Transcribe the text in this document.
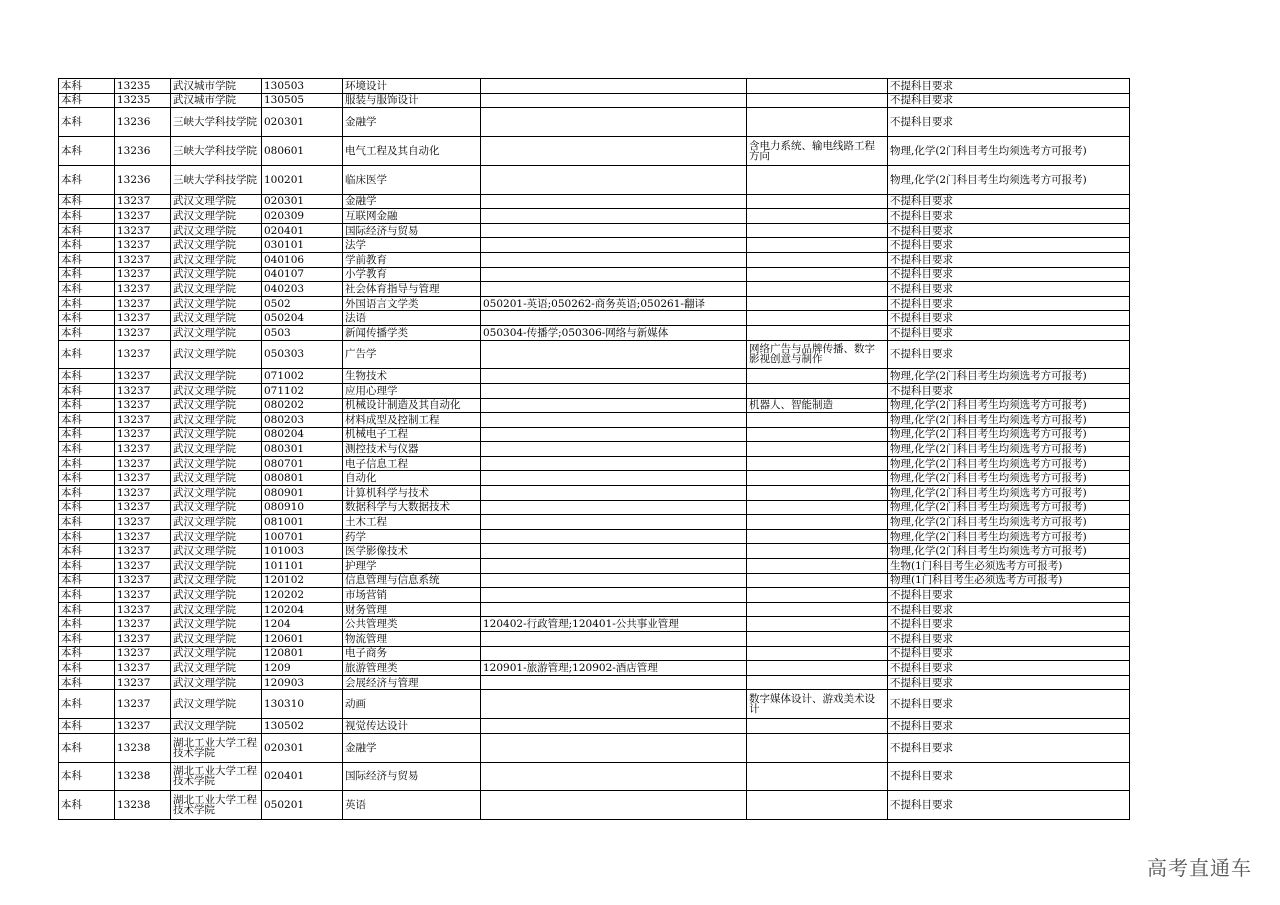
本科	13235	武汉城市学院	130503	环境设计			不提科目要求
本科	13235	武汉城市学院	130505	服装与服饰设计			不提科目要求
本科	13236	三峡大学科技学院	020301	金融学			不提科目要求
本科	13236	三峡大学科技学院	080601	电气工程及其自动化		含电力系统、输电线路工程方向	物理,化学(2门科目考生均须选考方可报考)
本科	13236	三峡大学科技学院	100201	临床医学			物理,化学(2门科目考生均须选考方可报考)
本科	13237	武汉文理学院	020301	金融学			不提科目要求
本科	13237	武汉文理学院	020309	互联网金融			不提科目要求
本科	13237	武汉文理学院	020401	国际经济与贸易			不提科目要求
本科	13237	武汉文理学院	030101	法学			不提科目要求
本科	13237	武汉文理学院	040106	学前教育			不提科目要求
本科	13237	武汉文理学院	040107	小学教育			不提科目要求
本科	13237	武汉文理学院	040203	社会体育指导与管理			不提科目要求
本科	13237	武汉文理学院	0502	外国语言文学类	050201-英语;050262-商务英语;050261-翻译		不提科目要求
本科	13237	武汉文理学院	050204	法语			不提科目要求
本科	13237	武汉文理学院	0503	新闻传播学类	050304-传播学;050306-网络与新媒体		不提科目要求
本科	13237	武汉文理学院	050303	广告学		网络广告与品牌传播、数字影视创意与制作	不提科目要求
本科	13237	武汉文理学院	071002	生物技术			物理,化学(2门科目考生均须选考方可报考)
本科	13237	武汉文理学院	071102	应用心理学			不提科目要求
本科	13237	武汉文理学院	080202	机械设计制造及其自动化		机器人、智能制造	物理,化学(2门科目考生均须选考方可报考)
本科	13237	武汉文理学院	080203	材料成型及控制工程			物理,化学(2门科目考生均须选考方可报考)
本科	13237	武汉文理学院	080204	机械电子工程			物理,化学(2门科目考生均须选考方可报考)
本科	13237	武汉文理学院	080301	测控技术与仪器			物理,化学(2门科目考生均须选考方可报考)
本科	13237	武汉文理学院	080701	电子信息工程			物理,化学(2门科目考生均须选考方可报考)
本科	13237	武汉文理学院	080801	自动化			物理,化学(2门科目考生均须选考方可报考)
本科	13237	武汉文理学院	080901	计算机科学与技术			物理,化学(2门科目考生均须选考方可报考)
本科	13237	武汉文理学院	080910	数据科学与大数据技术			物理,化学(2门科目考生均须选考方可报考)
本科	13237	武汉文理学院	081001	土木工程			物理,化学(2门科目考生均须选考方可报考)
本科	13237	武汉文理学院	100701	药学			物理,化学(2门科目考生均须选考方可报考)
本科	13237	武汉文理学院	101003	医学影像技术			物理,化学(2门科目考生均须选考方可报考)
本科	13237	武汉文理学院	101101	护理学			生物(1门科目考生必须选考方可报考)
本科	13237	武汉文理学院	120102	信息管理与信息系统			物理(1门科目考生必须选考方可报考)
本科	13237	武汉文理学院	120202	市场营销			不提科目要求
本科	13237	武汉文理学院	120204	财务管理			不提科目要求
本科	13237	武汉文理学院	1204	公共管理类	120402-行政管理;120401-公共事业管理		不提科目要求
本科	13237	武汉文理学院	120601	物流管理			不提科目要求
本科	13237	武汉文理学院	120801	电子商务			不提科目要求
本科	13237	武汉文理学院	1209	旅游管理类	120901-旅游管理;120902-酒店管理		不提科目要求
本科	13237	武汉文理学院	120903	会展经济与管理			不提科目要求
本科	13237	武汉文理学院	130310	动画		数字媒体设计、游戏美术设计	不提科目要求
本科	13237	武汉文理学院	130502	视觉传达设计			不提科目要求
本科	13238	湖北工业大学工程技术学院	020301	金融学			不提科目要求
本科	13238	湖北工业大学工程技术学院	020401	国际经济与贸易			不提科目要求
本科	13238	湖北工业大学工程技术学院	050201	英语			不提科目要求
高考直通车
